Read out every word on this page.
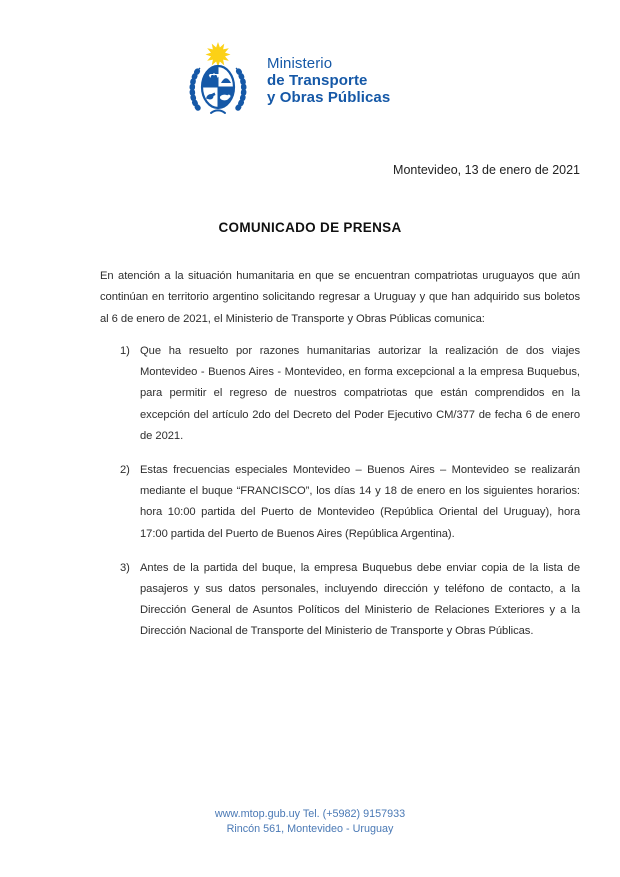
Ministerio
de Transporte
y Obras Públicas
Montevideo, 13 de enero de 2021
COMUNICADO DE PRENSA

En atención a la situación humanitaria en que se encuentran compatriotas uruguayos que aún continúan en territorio argentino solicitando regresar a Uruguay y que han adquirido sus boletos al 6 de enero de 2021, el Ministerio de Transporte y Obras Públicas comunica:

1) Que ha resuelto por razones humanitarias autorizar la realización de dos viajes Montevideo - Buenos Aires - Montevideo, en forma excepcional a la empresa Buquebus, para permitir el regreso de nuestros compatriotas que están comprendidos en la excepción del artículo 2do del Decreto del Poder Ejecutivo CM/377 de fecha 6 de enero de 2021.
2) Estas frecuencias especiales Montevideo – Buenos Aires – Montevideo se realizarán mediante el buque “FRANCISCO”, los días 14 y 18 de enero en los siguientes horarios: hora 10:00 partida del Puerto de Montevideo (República Oriental del Uruguay), hora 17:00 partida del Puerto de Buenos Aires (República Argentina).
3) Antes de la partida del buque, la empresa Buquebus debe enviar copia de la lista de pasajeros y sus datos personales, incluyendo dirección y teléfono de contacto, a la Dirección General de Asuntos Políticos del Ministerio de Relaciones Exteriores y a la Dirección Nacional de Transporte del Ministerio de Transporte y Obras Públicas.
www.mtop.gub.uy Tel. (+5982) 9157933
Rincón 561, Montevideo - Uruguay
